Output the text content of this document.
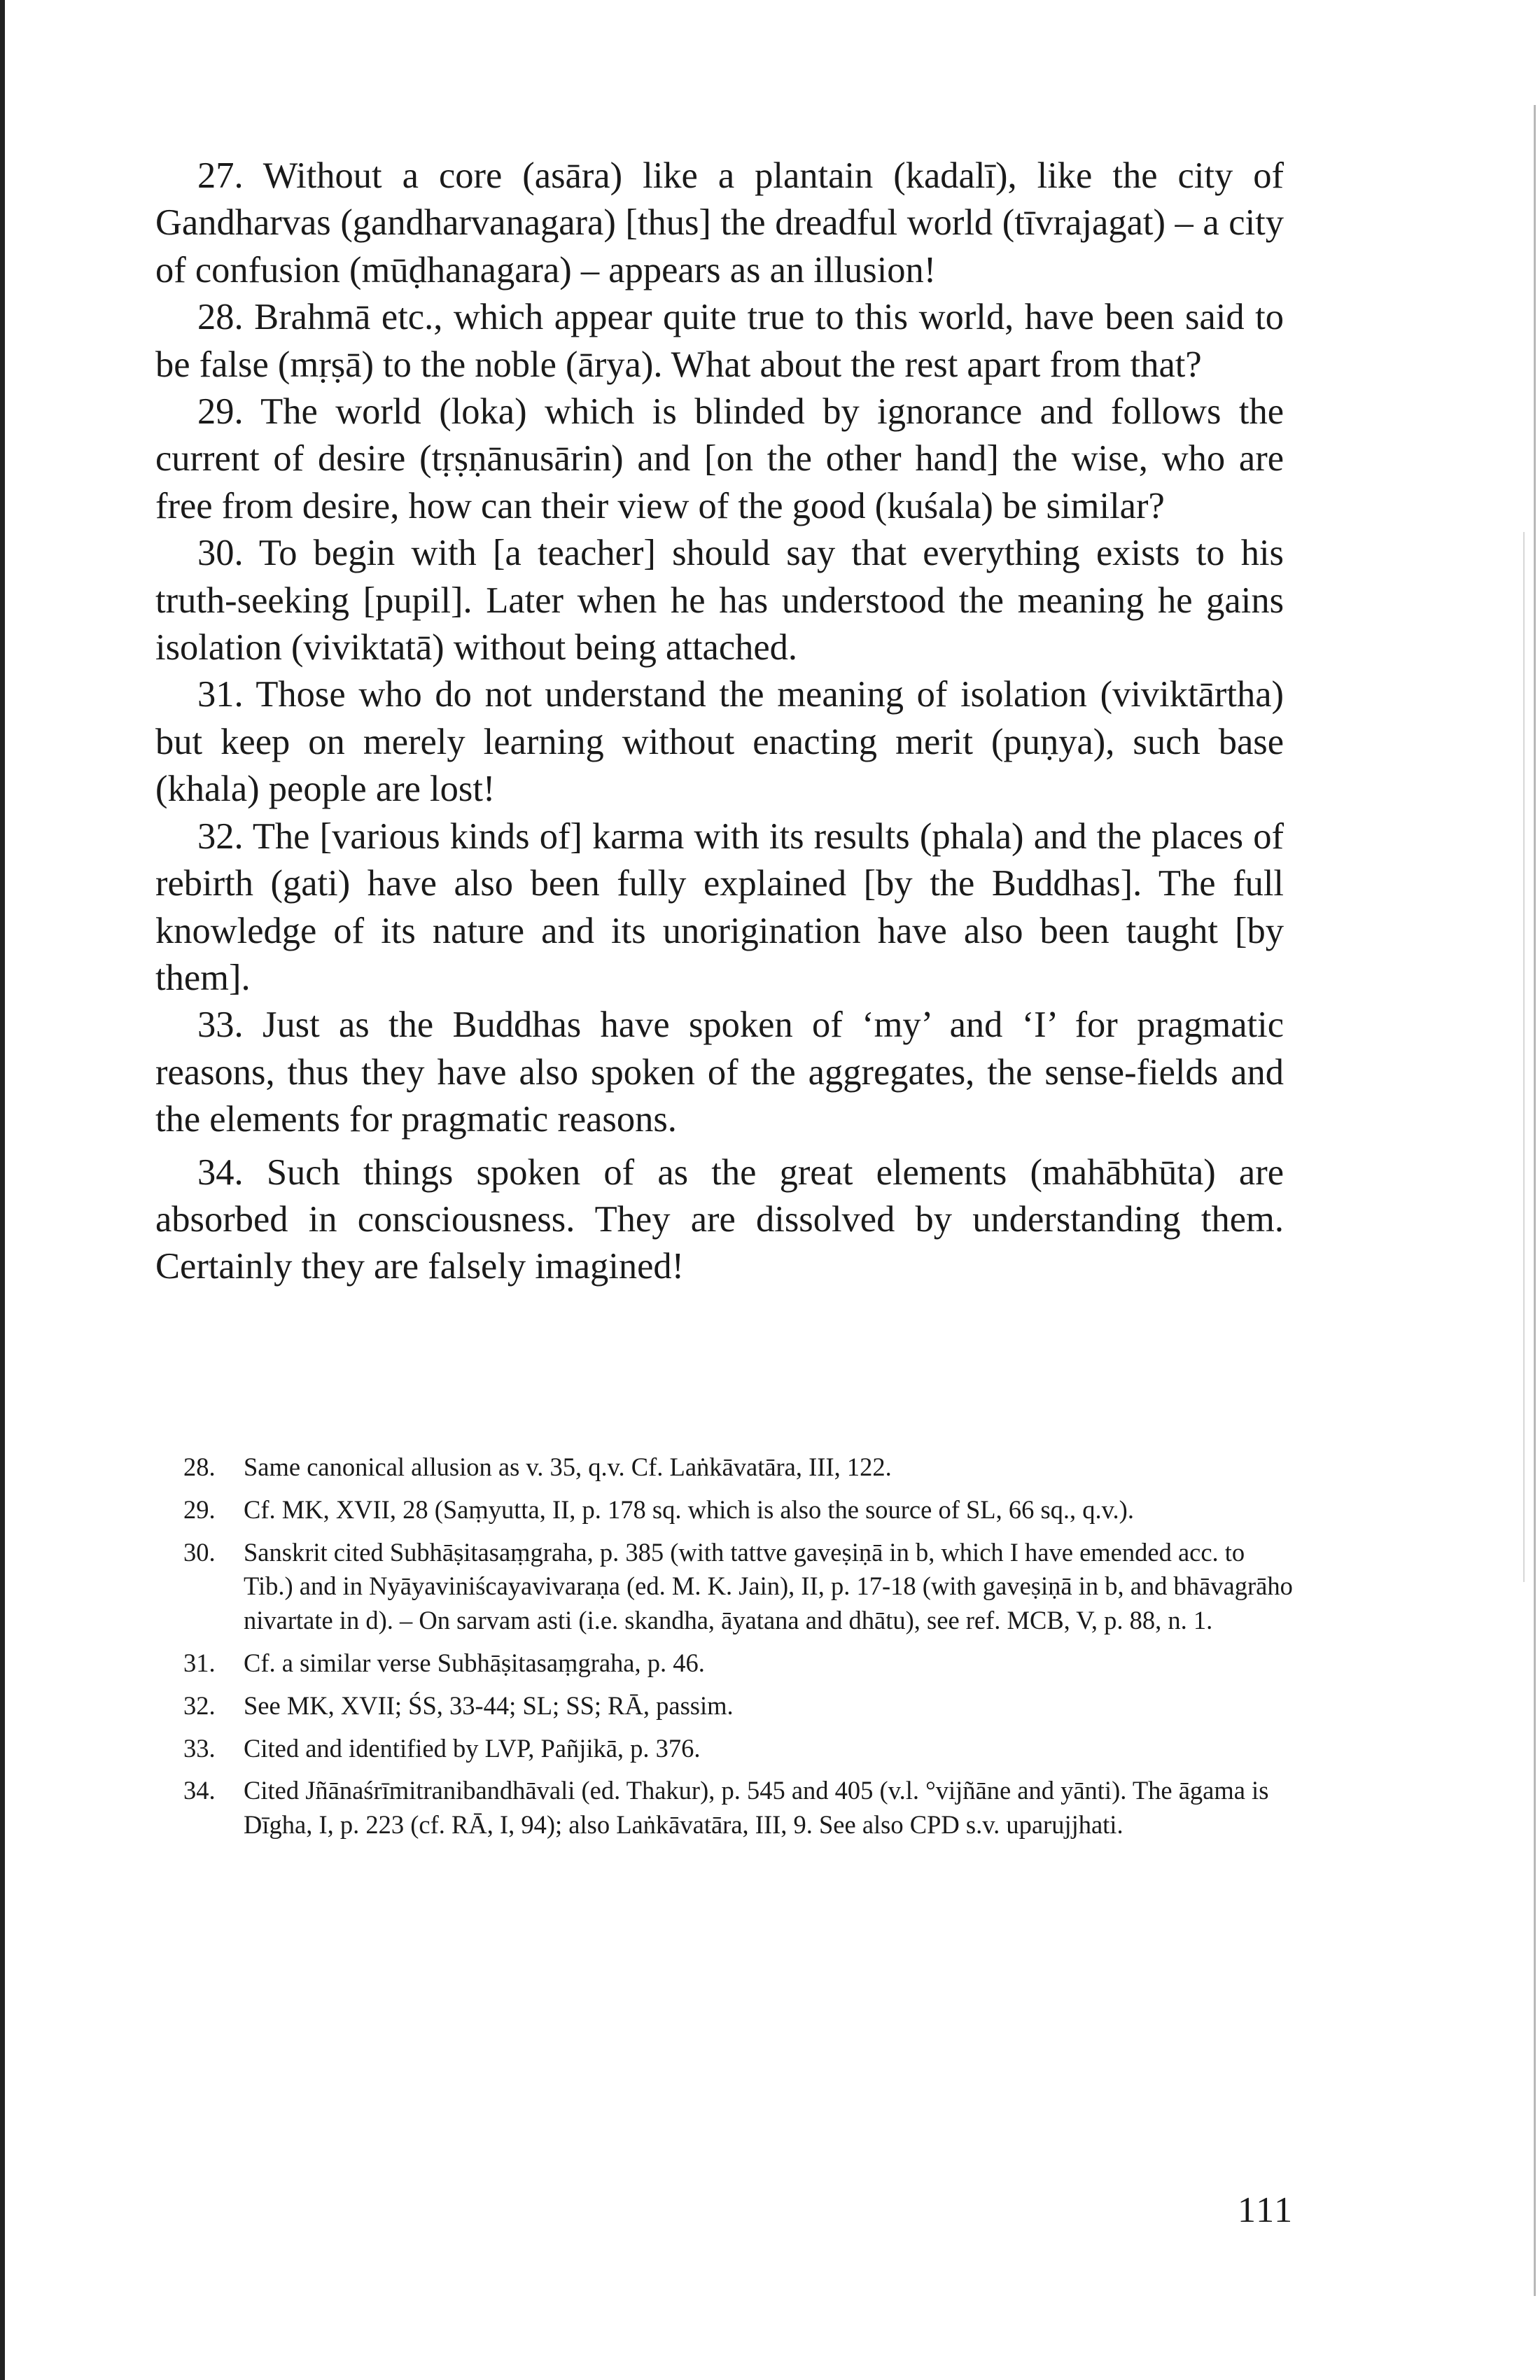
27. Without a core (asāra) like a plantain (kadalī), like the city of Gandharvas (gandharvanagara) [thus] the dreadful world (tīvrajagat) – a city of confusion (mūḍhanagara) – appears as an illusion!

28. Brahmā etc., which appear quite true to this world, have been said to be false (mṛṣā) to the noble (ārya). What about the rest apart from that?

29. The world (loka) which is blinded by ignorance and follows the current of desire (tṛṣṇānusārin) and [on the other hand] the wise, who are free from desire, how can their view of the good (kuśala) be similar?

30. To begin with [a teacher] should say that everything exists to his truth-seeking [pupil]. Later when he has understood the meaning he gains isolation (viviktatā) without being attached.

31. Those who do not understand the meaning of isolation (viviktārtha) but keep on merely learning without enacting merit (puṇya), such base (khala) people are lost!

32. The [various kinds of] karma with its results (phala) and the places of rebirth (gati) have also been fully explained [by the Buddhas]. The full knowledge of its nature and its unorigination have also been taught [by them].

33. Just as the Buddhas have spoken of ‘my’ and ‘I’ for pragmatic reasons, thus they have also spoken of the aggregates, the sense-fields and the elements for pragmatic reasons.

34. Such things spoken of as the great elements (mahābhūta) are absorbed in consciousness. They are dissolved by understanding them. Certainly they are falsely imagined!

28. Same canonical allusion as v. 35, q.v. Cf. Laṅkāvatāra, III, 122.

29. Cf. MK, XVII, 28 (Saṃyutta, II, p. 178 sq. which is also the source of SL, 66 sq., q.v.).

30. Sanskrit cited Subhāṣitasaṃgraha, p. 385 (with tattve gaveṣiṇā in b, which I have emended acc. to Tib.) and in Nyāyaviniścayavivaraṇa (ed. M. K. Jain), II, p. 17-18 (with gaveṣiṇā in b, and bhāvagrāho nivartate in d). – On sarvam asti (i.e. skandha, āyatana and dhātu), see ref. MCB, V, p. 88, n. 1.

31. Cf. a similar verse Subhāṣitasaṃgraha, p. 46.

32. See MK, XVII; ŚS, 33-44; SL; SS; RĀ, passim.

33. Cited and identified by LVP, Pañjikā, p. 376.

34. Cited Jñānaśrīmitranibandhāvali (ed. Thakur), p. 545 and 405 (v.l. °vijñāne and yānti). The āgama is Dīgha, I, p. 223 (cf. RĀ, I, 94); also Laṅkāvatāra, III, 9. See also CPD s.v. uparujjhati.

111
